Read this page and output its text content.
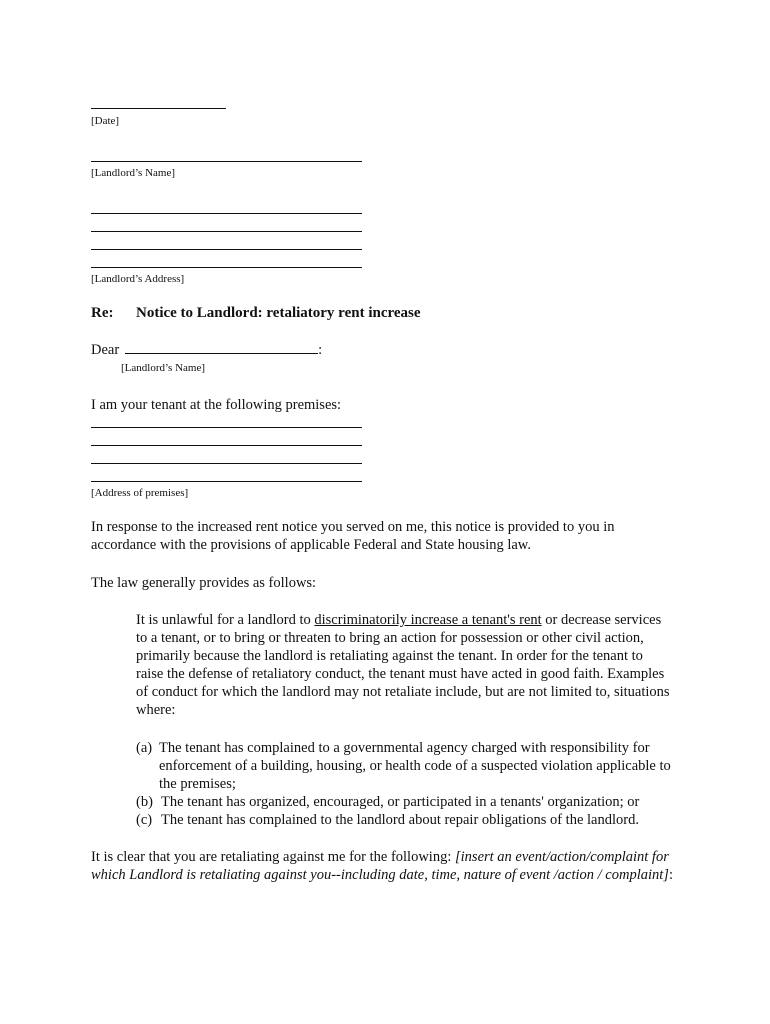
[Date]
[Landlord’s Name]
[Landlord’s Address]
Re: Notice to Landlord: retaliatory rent increase
Dear	:
[Landlord’s Name]
I am your tenant at the following premises:
[Address of premises]
In response to the increased rent notice you served on me, this notice is provided to you in
accordance with the provisions of applicable Federal and State housing law.
The law generally provides as follows:
It is unlawful for a landlord to discriminatorily increase a tenant's rent or decrease services to a tenant, or to bring or threaten to bring an action for possession or other civil action, primarily because the landlord is retaliating against the tenant. In order for the tenant to raise the defense of retaliatory conduct, the tenant must have acted in good faith. Examples of conduct for which the landlord may not retaliate include, but are not limited to, situations where:
(a) The tenant has complained to a governmental agency charged with responsibility for enforcement of a building, housing, or health code of a suspected violation applicable to the premises;
(b) The tenant has organized, encouraged, or participated in a tenants' organization; or
(c) The tenant has complained to the landlord about repair obligations of the landlord.
It is clear that you are retaliating against me for the following: [insert an event/action/complaint for which Landlord is retaliating against you--including date, time, nature of event /action / complaint]:
